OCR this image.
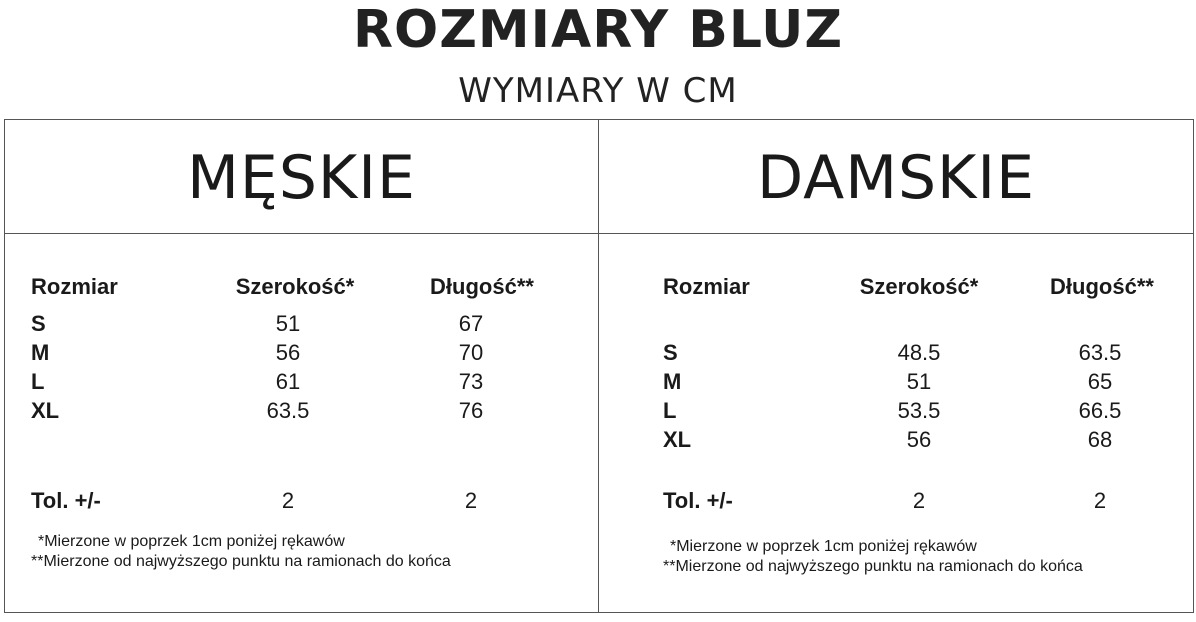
ROZMIARY BLUZ
WYMIARY W CM
MĘSKIE	DAMSKIE
Rozmiar	Szerokość*	Długość**
S	51	67
M	56	70
L	61	73
XL	63.5	76
Tol. +/-	2	2
*Mierzone w poprzek 1cm poniżej rękawów
**Mierzone od najwyższego punktu na ramionach do końca
Rozmiar	Szerokość*	Długość**
S	48.5	63.5
M	51	65
L	53.5	66.5
XL	56	68
Tol. +/-	2	2
*Mierzone w poprzek 1cm poniżej rękawów
**Mierzone od najwyższego punktu na ramionach do końca
